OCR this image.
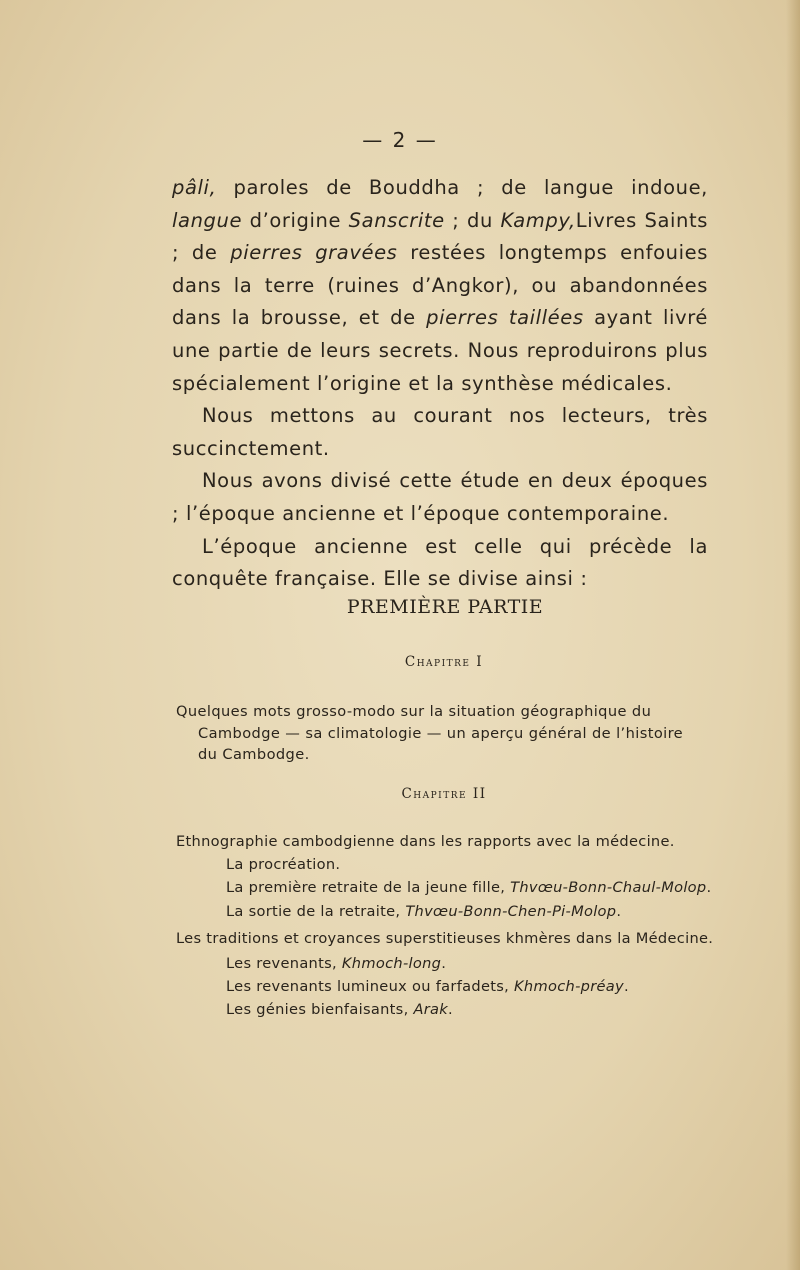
— 2 —

pâli, paroles de Bouddha ; de langue indoue, langue d’origine Sanscrite ; du Kampy,Livres Saints ; de pierres gravées restées longtemps enfouies dans la terre (ruines d’Angkor), ou abandonnées dans la brousse, et de pierres taillées ayant livré une partie de leurs secrets. Nous reproduirons plus spécialement l’origine et la synthèse médicales.

Nous mettons au courant nos lecteurs, très succinctement.

Nous avons divisé cette étude en deux époques ; l’époque ancienne et l’époque contemporaine.

L’époque ancienne est celle qui précède la conquête française. Elle se divise ainsi :

PREMIÈRE PARTIE
Chapitre I
Quelques mots grosso-modo sur la situation géographique du
Cambodge — sa climatologie — un aperçu général de l’histoire
du Cambodge.
Chapitre II

Ethnographie cambodgienne dans les rapports avec la médecine.

La procréation.

La première retraite de la jeune fille, Thvœu-Bonn-Chaul-Molop.

La sortie de la retraite, Thvœu-Bonn-Chen-Pi-Molop.

Les traditions et croyances superstitieuses khmères dans la Médecine.

Les revenants, Khmoch-long.

Les revenants lumineux ou farfadets, Khmoch-préay.

Les génies bienfaisants, Arak.
